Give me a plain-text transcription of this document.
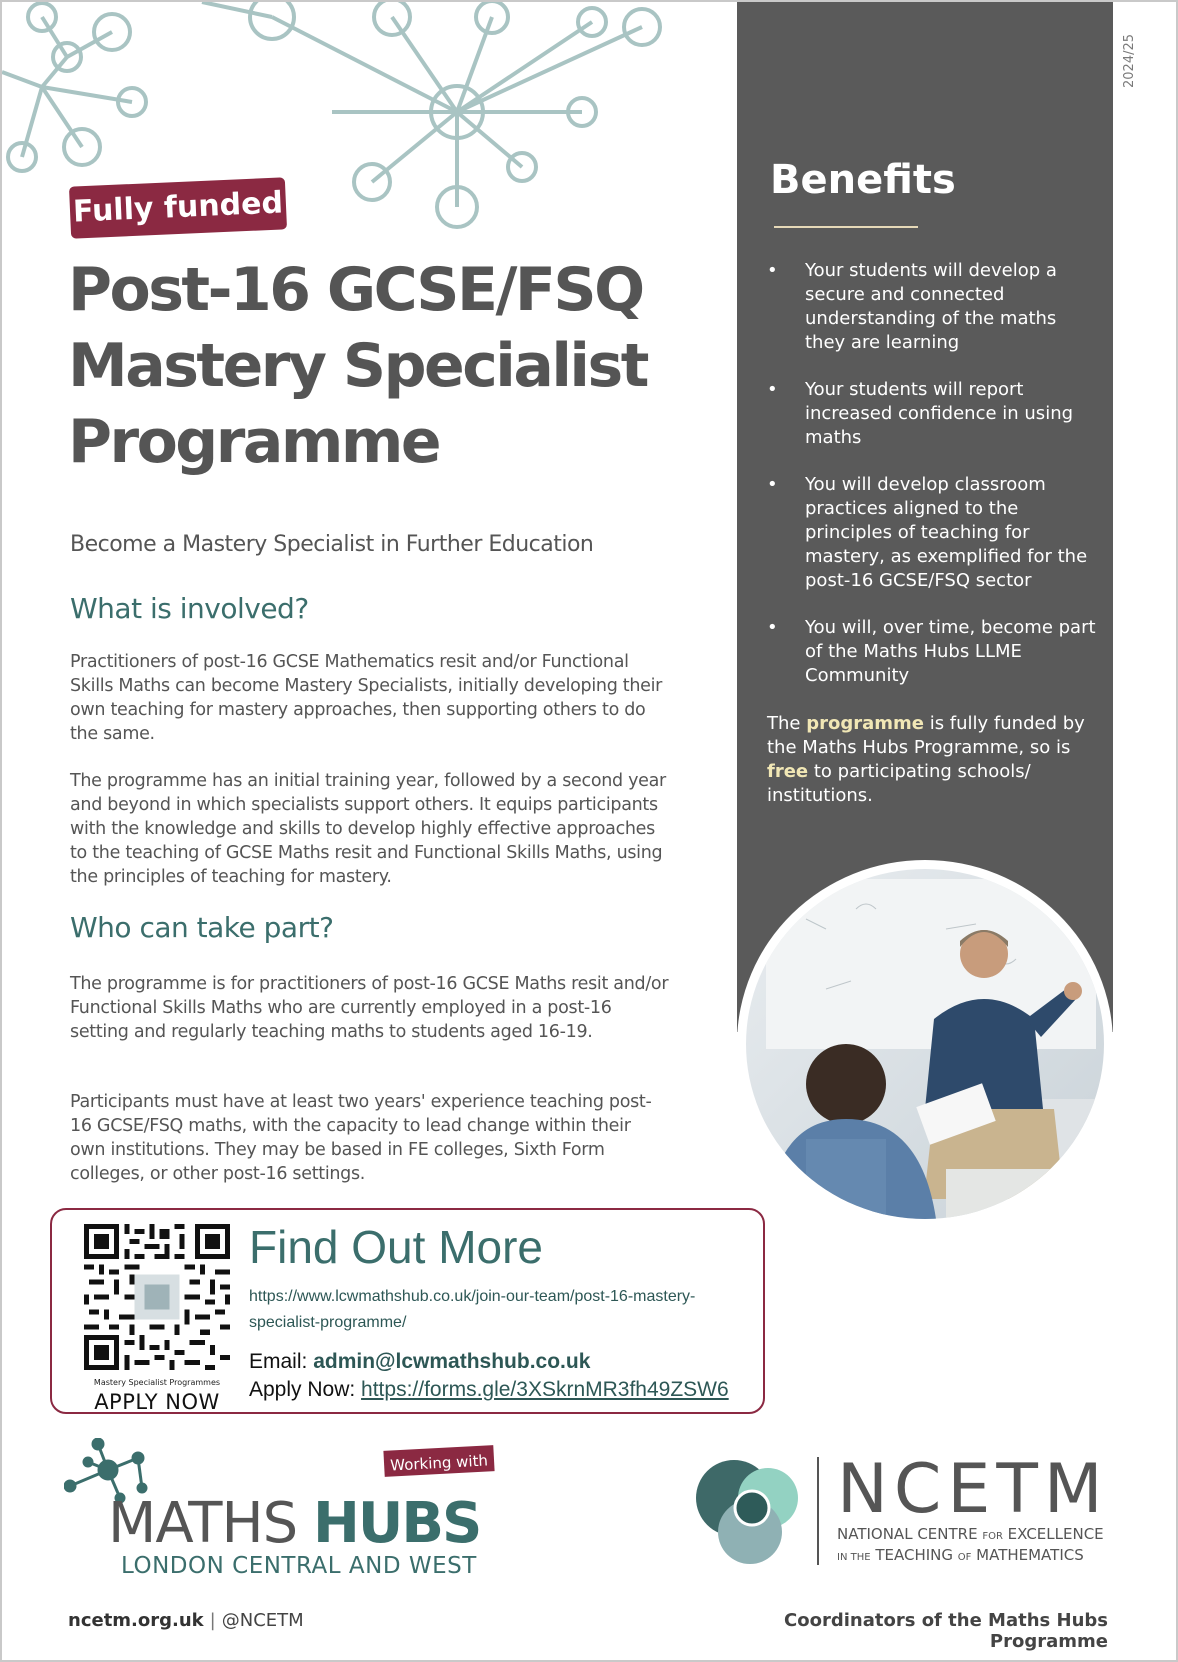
2024/25
Benefits
• Your students will develop a secure and connected understanding of the maths they are learning
• Your students will report increased confidence in using maths
• You will develop classroom practices aligned to the principles of teaching for mastery, as exemplified for the post-16 GCSE/FSQ sector
• You will, over time, become part of the Maths Hubs LLME Community
The programme is fully funded by the Maths Hubs Programme, so is free to participating schools/ institutions.
Fully funded
Post-16 GCSE/FSQ
Mastery Specialist
Programme
Become a Mastery Specialist in Further Education
What is involved?
Practitioners of post-16 GCSE Mathematics resit and/or Functional Skills Maths can become Mastery Specialists, initially developing their own teaching for mastery approaches, then supporting others to do the same.
The programme has an initial training year, followed by a second year and beyond in which specialists support others. It equips participants with the knowledge and skills to develop highly effective approaches to the teaching of GCSE Maths resit and Functional Skills Maths, using the principles of teaching for mastery.
Who can take part?
The programme is for practitioners of post-16 GCSE Maths resit and/or Functional Skills Maths who are currently employed in a post-16 setting and regularly teaching maths to students aged 16-19.
Participants must have at least two years' experience teaching post-16 GCSE/FSQ maths, with the capacity to lead change within their own institutions. They may be based in FE colleges, Sixth Form colleges, or other post-16 settings.
Mastery Specialist Programmes
APPLY NOW
Find Out More
https://www.lcwmathshub.co.uk/join-our-team/post-16-mastery-specialist-programme/
Email: admin@lcwmathshub.co.uk
Apply Now: https://forms.gle/3XSkrnMR3fh49ZSW6
Working with
MATHS HUBS
LONDON CENTRAL AND WEST
NCETM
NATIONAL CENTRE FOR EXCELLENCE
IN THE TEACHING OF MATHEMATICS
ncetm.org.uk | @NCETM	Coordinators of the Maths Hubs Programme
